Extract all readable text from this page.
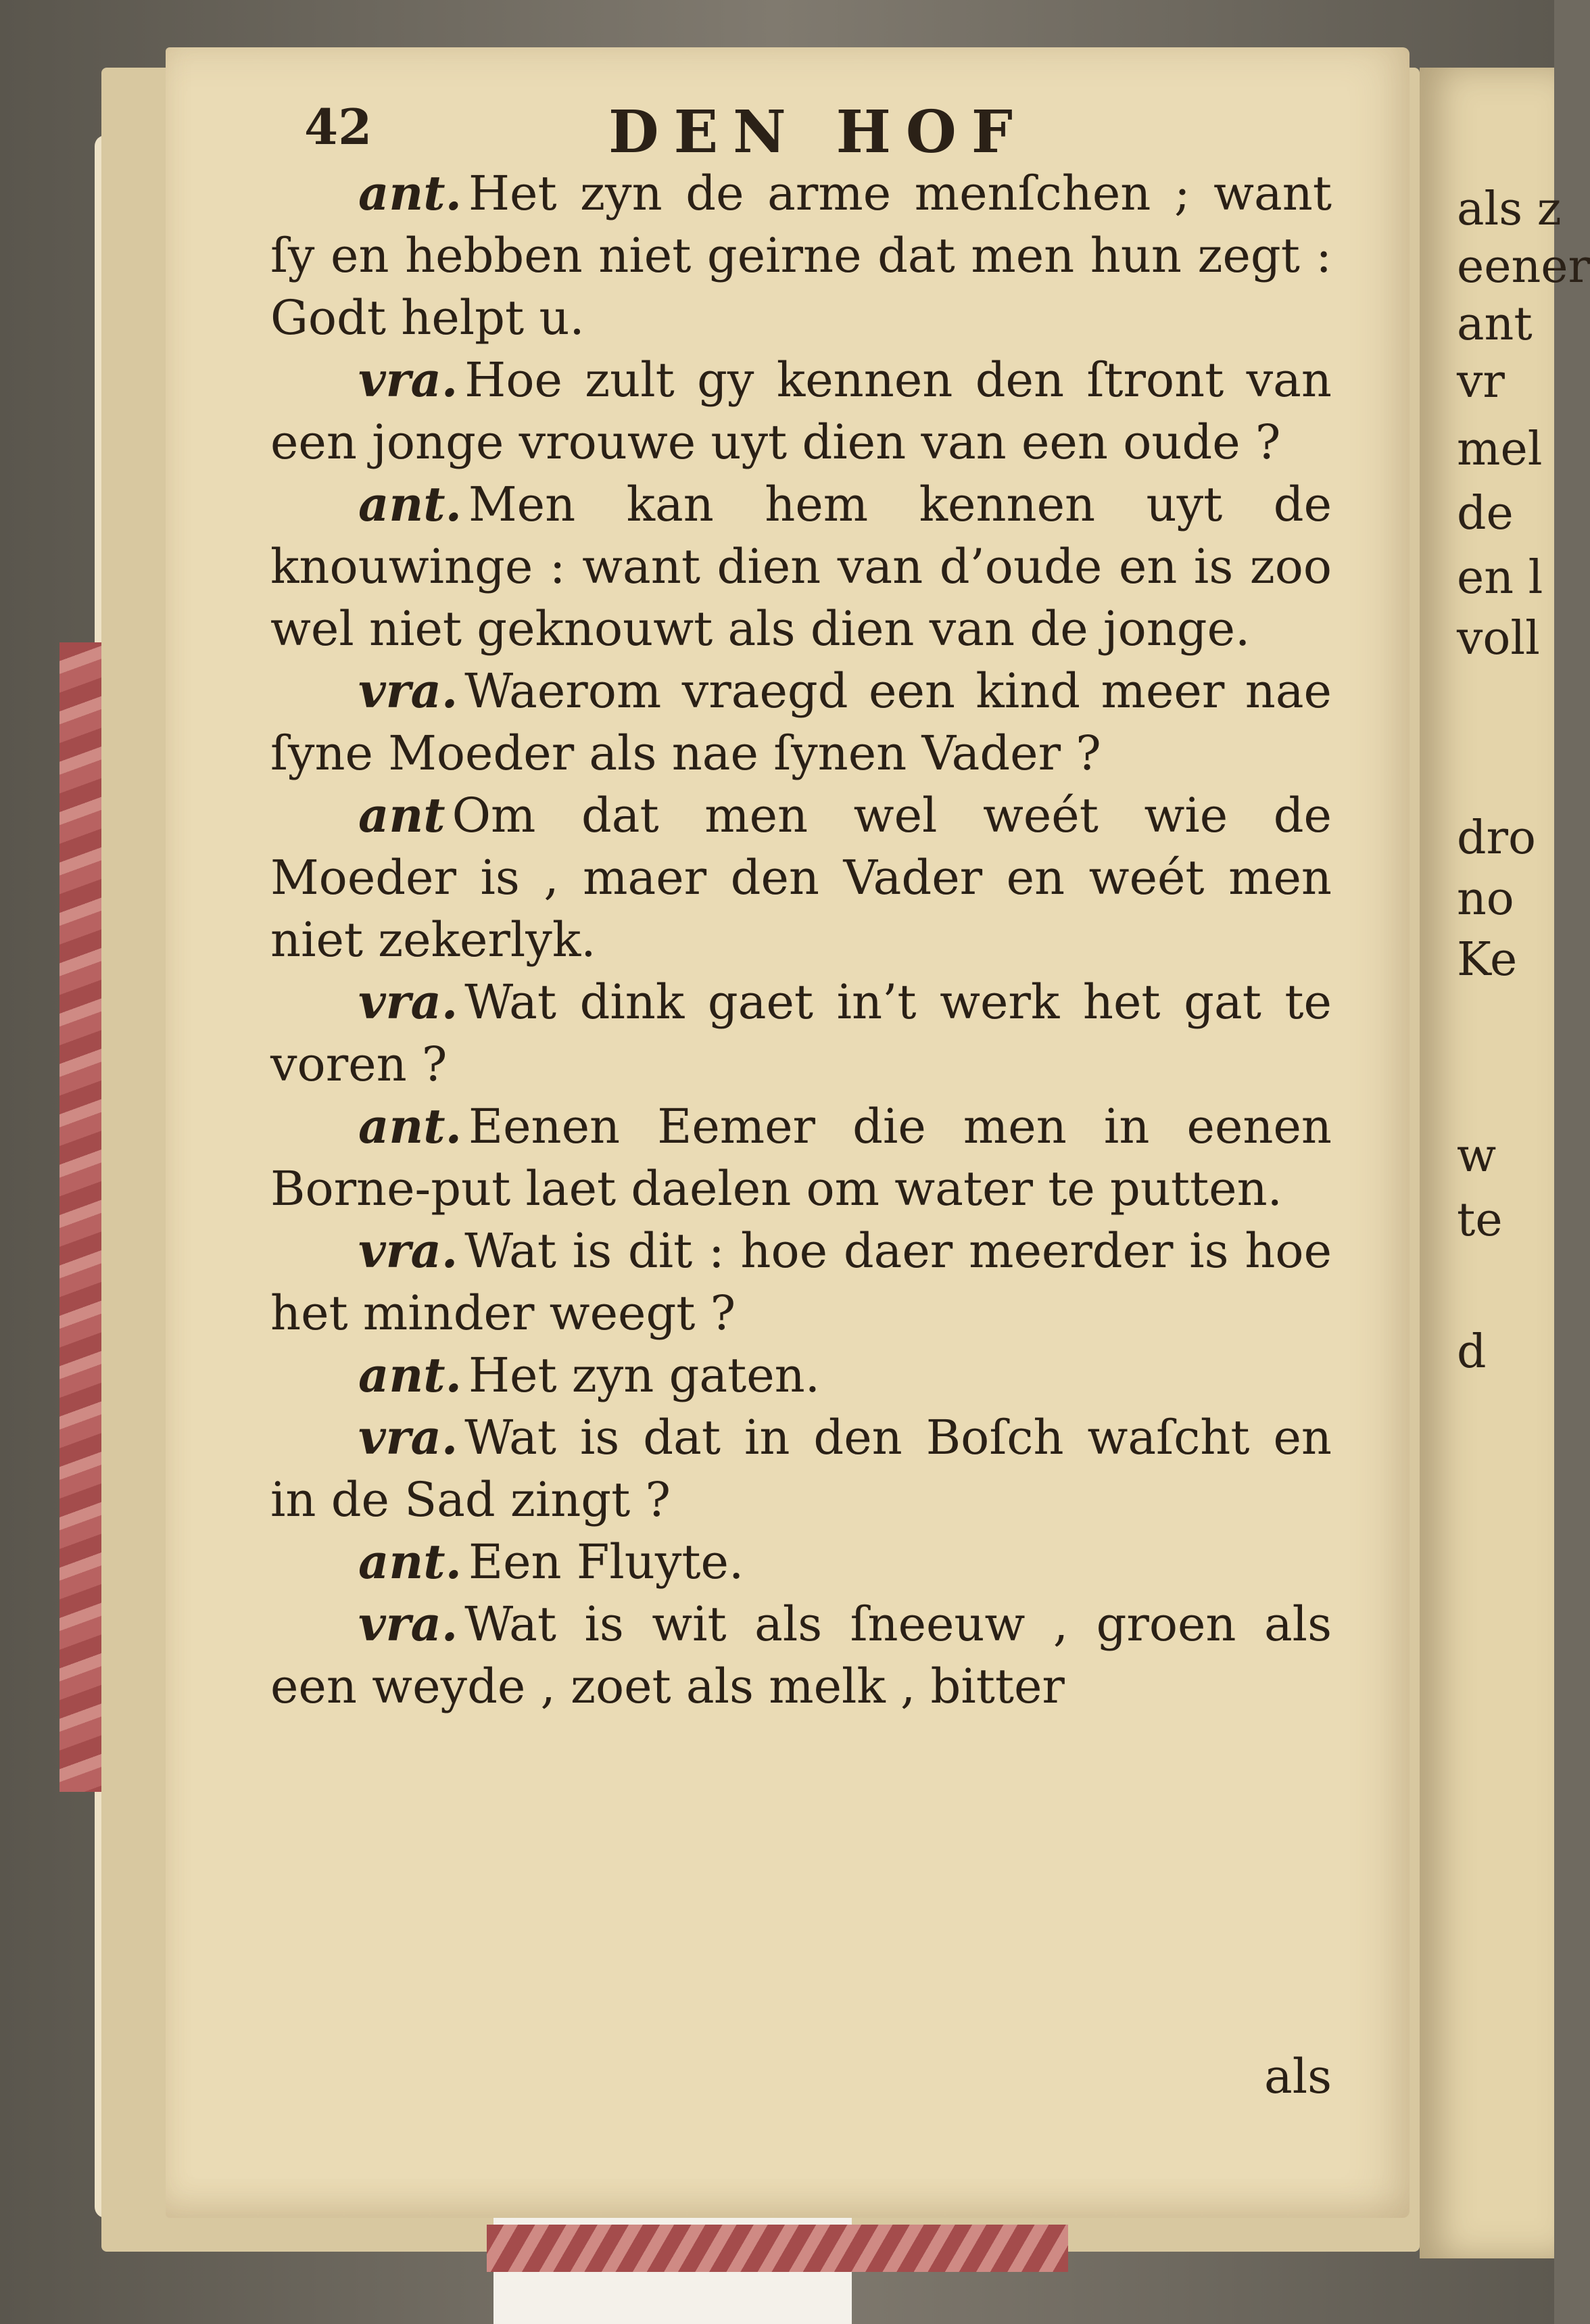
42	DEN HOF

ant. Het zyn de arme menſchen ; want ſy en hebben niet geirne dat men hun zegt : Godt helpt u.

vra. Hoe zult gy kennen den ſtront van een jonge vrouwe uyt dien van een oude ?

ant. Men kan hem kennen uyt de knouwinge : want dien van d’oude en is zoo wel niet geknouwt als dien van de jonge.

vra. Waerom vraegd een kind meer nae ſyne Moeder als nae ſynen Vader ?

ant Om dat men wel weét wie de Moeder is , maer den Vader en weét men niet zekerlyk.

vra. Wat dink gaet in’t werk het gat te voren ?

ant. Eenen Eemer die men in eenen Borne-put laet daelen om water te putten.

vra. Wat is dit : hoe daer meerder is hoe het minder weegt ?

ant. Het zyn gaten.

vra. Wat is dat in den Boſch waſcht en in de Sad zingt ?

ant. Een Fluyte.

vra. Wat is wit als ſneeuw , groen als een weyde , zoet als melk , bitter

als
als z
eener
ant
vr
mel
de
en l
voll
dro
no
Ke
w
te
d
